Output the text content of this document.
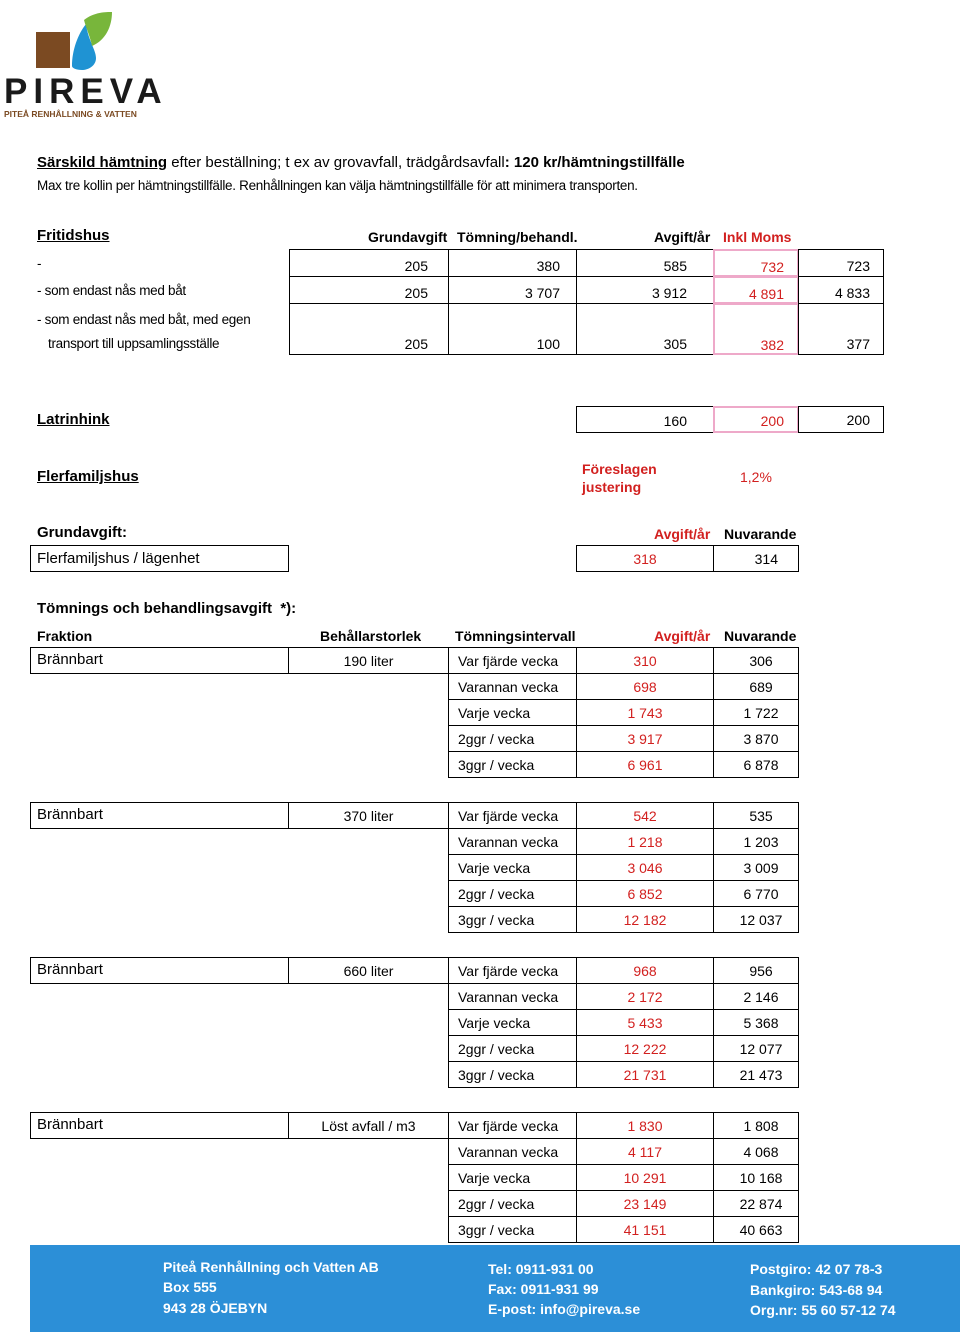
PIREVA
PITEÅ RENHÅLLNING & VATTEN
Särskild hämtning efter beställning; t ex av grovavfall, trädgårdsavfall: 120 kr/hämtningstillfälle
Max tre kollin per hämtningstillfälle. Renhållningen kan välja hämtningstillfälle för att minimera transporten.
Fritidshus	Grundavgift Tömning/behandl.	Avgift/år Inkl Moms
-	205	380	585	732	723
- som endast nås med båt	205	3 707	3 912	4 891	4 833
- som endast nås med båt, med egen
transport till uppsamlingsställe	205	100	305	382	377
Latrinhink	160	200	200
Flerfamiljshus	Föreslagen
justering
1,2%
Grundavgift:	Avgift/år Nuvarande
Flerfamiljshus / lägenhet	318	314
Tömnings och behandlingsavgift  *):
Fraktion	Behållarstorlek Tömningsintervall	Avgift/år Nuvarande
Brännbart	190 liter	Var fjärde vecka	310	306
Varannan vecka	698	689
Varje vecka	1 743	1 722
2ggr / vecka	3 917	3 870
3ggr / vecka	6 961	6 878
Brännbart	370 liter	Var fjärde vecka	542	535
Varannan vecka	1 218	1 203
Varje vecka	3 046	3 009
2ggr / vecka	6 852	6 770
3ggr / vecka	12 182	12 037
Brännbart	660 liter	Var fjärde vecka	968	956
Varannan vecka	2 172	2 146
Varje vecka	5 433	5 368
2ggr / vecka	12 222	12 077
3ggr / vecka	21 731	21 473
Brännbart	Löst avfall / m3	Var fjärde vecka	1 830	1 808
Varannan vecka	4 117	4 068
Varje vecka	10 291	10 168
2ggr / vecka	23 149	22 874
3ggr / vecka	41 151	40 663
Piteå Renhållning och Vatten AB
Box 555
943 28 ÖJEBYN
Tel: 0911-931 00
Fax: 0911-931 99
E-post: info@pireva.se
Postgiro: 42 07 78-3
Bankgiro: 543-68 94
Org.nr: 55 60 57-12 74
